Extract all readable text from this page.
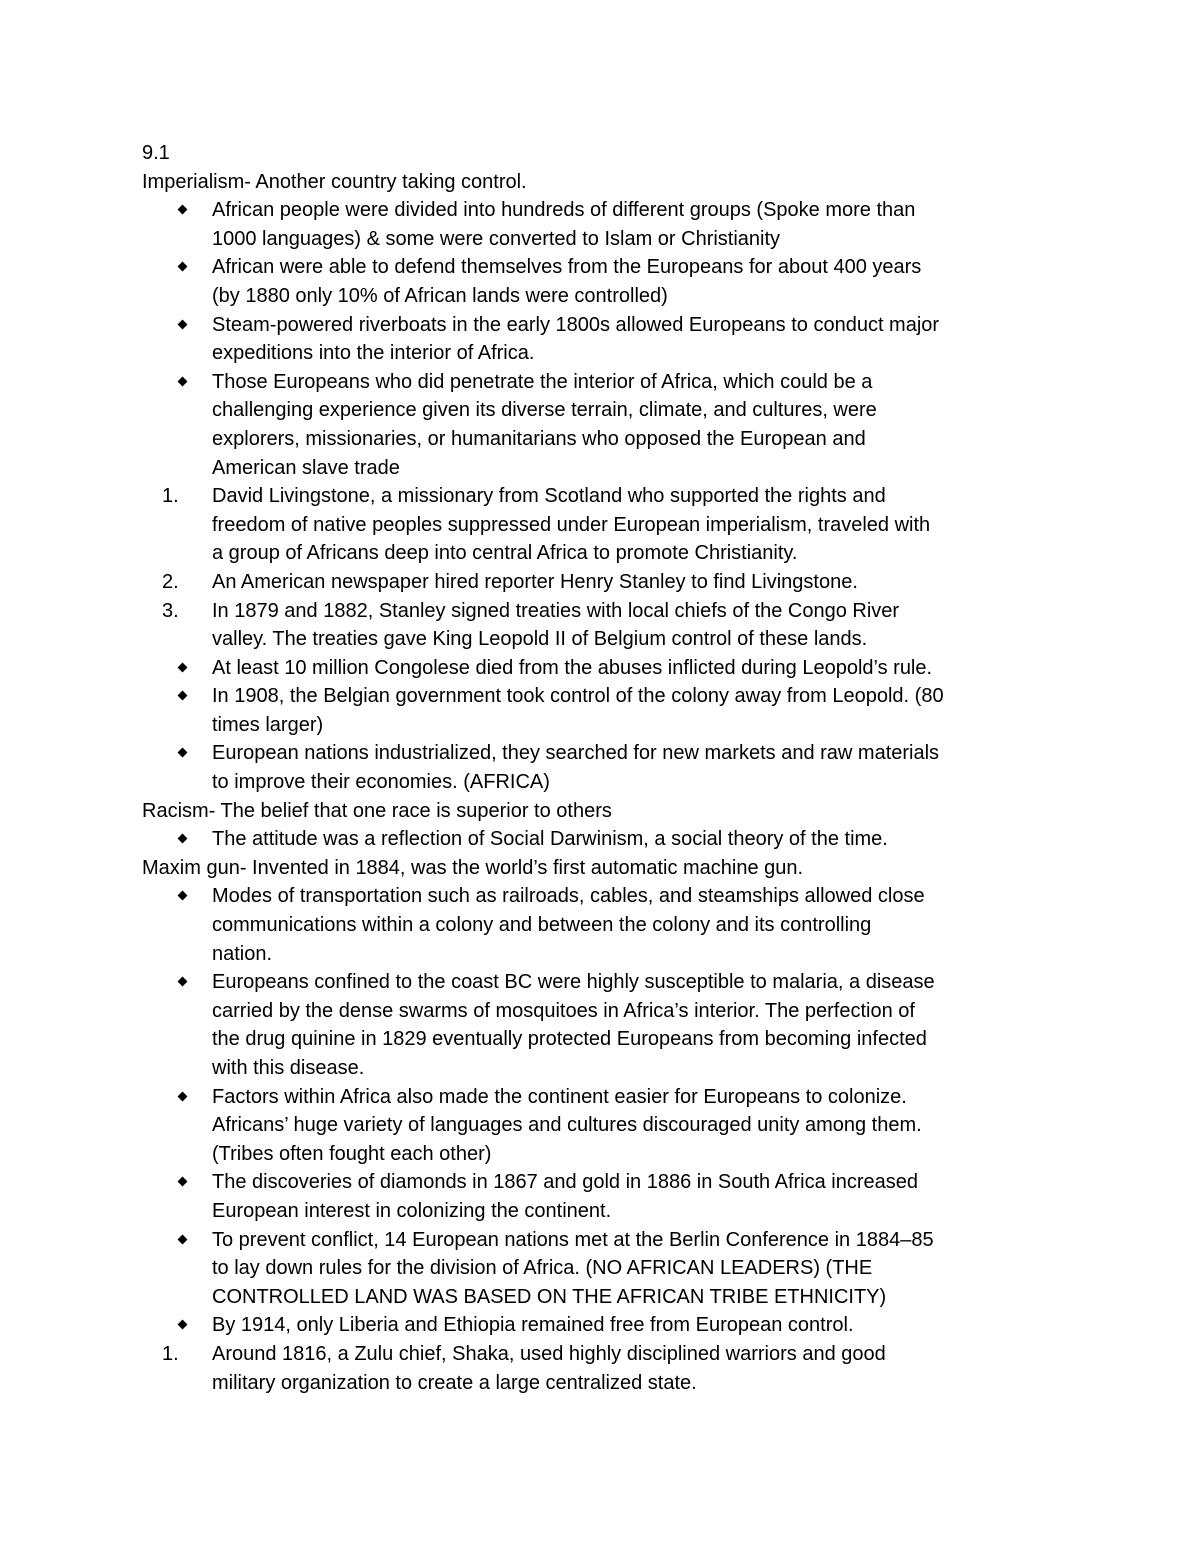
9.1

Imperialism- Another country taking control.

African people were divided into hundreds of different groups (Spoke more than
1000 languages) & some were converted to Islam or Christianity
African were able to defend themselves from the Europeans for about 400 years
(by 1880 only 10% of African lands were controlled)
Steam-powered riverboats in the early 1800s allowed Europeans to conduct major
expeditions into the interior of Africa.
Those Europeans who did penetrate the interior of Africa, which could be a
challenging experience given its diverse terrain, climate, and cultures, were
explorers, missionaries, or humanitarians who opposed the European and
American slave trade
1. David Livingstone, a missionary from Scotland who supported the rights and
freedom of native peoples suppressed under European imperialism, traveled with
a group of Africans deep into central Africa to promote Christianity.
2. An American newspaper hired reporter Henry Stanley to find Livingstone.
3. In 1879 and 1882, Stanley signed treaties with local chiefs of the Congo River
valley. The treaties gave King Leopold II of Belgium control of these lands.
At least 10 million Congolese died from the abuses inflicted during Leopold’s rule.
In 1908, the Belgian government took control of the colony away from Leopold. (80
times larger)
European nations industrialized, they searched for new markets and raw materials
to improve their economies. (AFRICA)

Racism- The belief that one race is superior to others

The attitude was a reflection of Social Darwinism, a social theory of the time.

Maxim gun- Invented in 1884, was the world’s first automatic machine gun.

Modes of transportation such as railroads, cables, and steamships allowed close
communications within a colony and between the colony and its controlling
nation.
Europeans confined to the coast BC were highly susceptible to malaria, a disease
carried by the dense swarms of mosquitoes in Africa’s interior. The perfection of
the drug quinine in 1829 eventually protected Europeans from becoming infected
with this disease.
Factors within Africa also made the continent easier for Europeans to colonize.
Africans’ huge variety of languages and cultures discouraged unity among them.
(Tribes often fought each other)
The discoveries of diamonds in 1867 and gold in 1886 in South Africa increased
European interest in colonizing the continent.
To prevent conflict, 14 European nations met at the Berlin Conference in 1884–85
to lay down rules for the division of Africa. (NO AFRICAN LEADERS) (THE
CONTROLLED LAND WAS BASED ON THE AFRICAN TRIBE ETHNICITY)
By 1914, only Liberia and Ethiopia remained free from European control.
1. Around 1816, a Zulu chief, Shaka, used highly disciplined warriors and good
military organization to create a large centralized state.
